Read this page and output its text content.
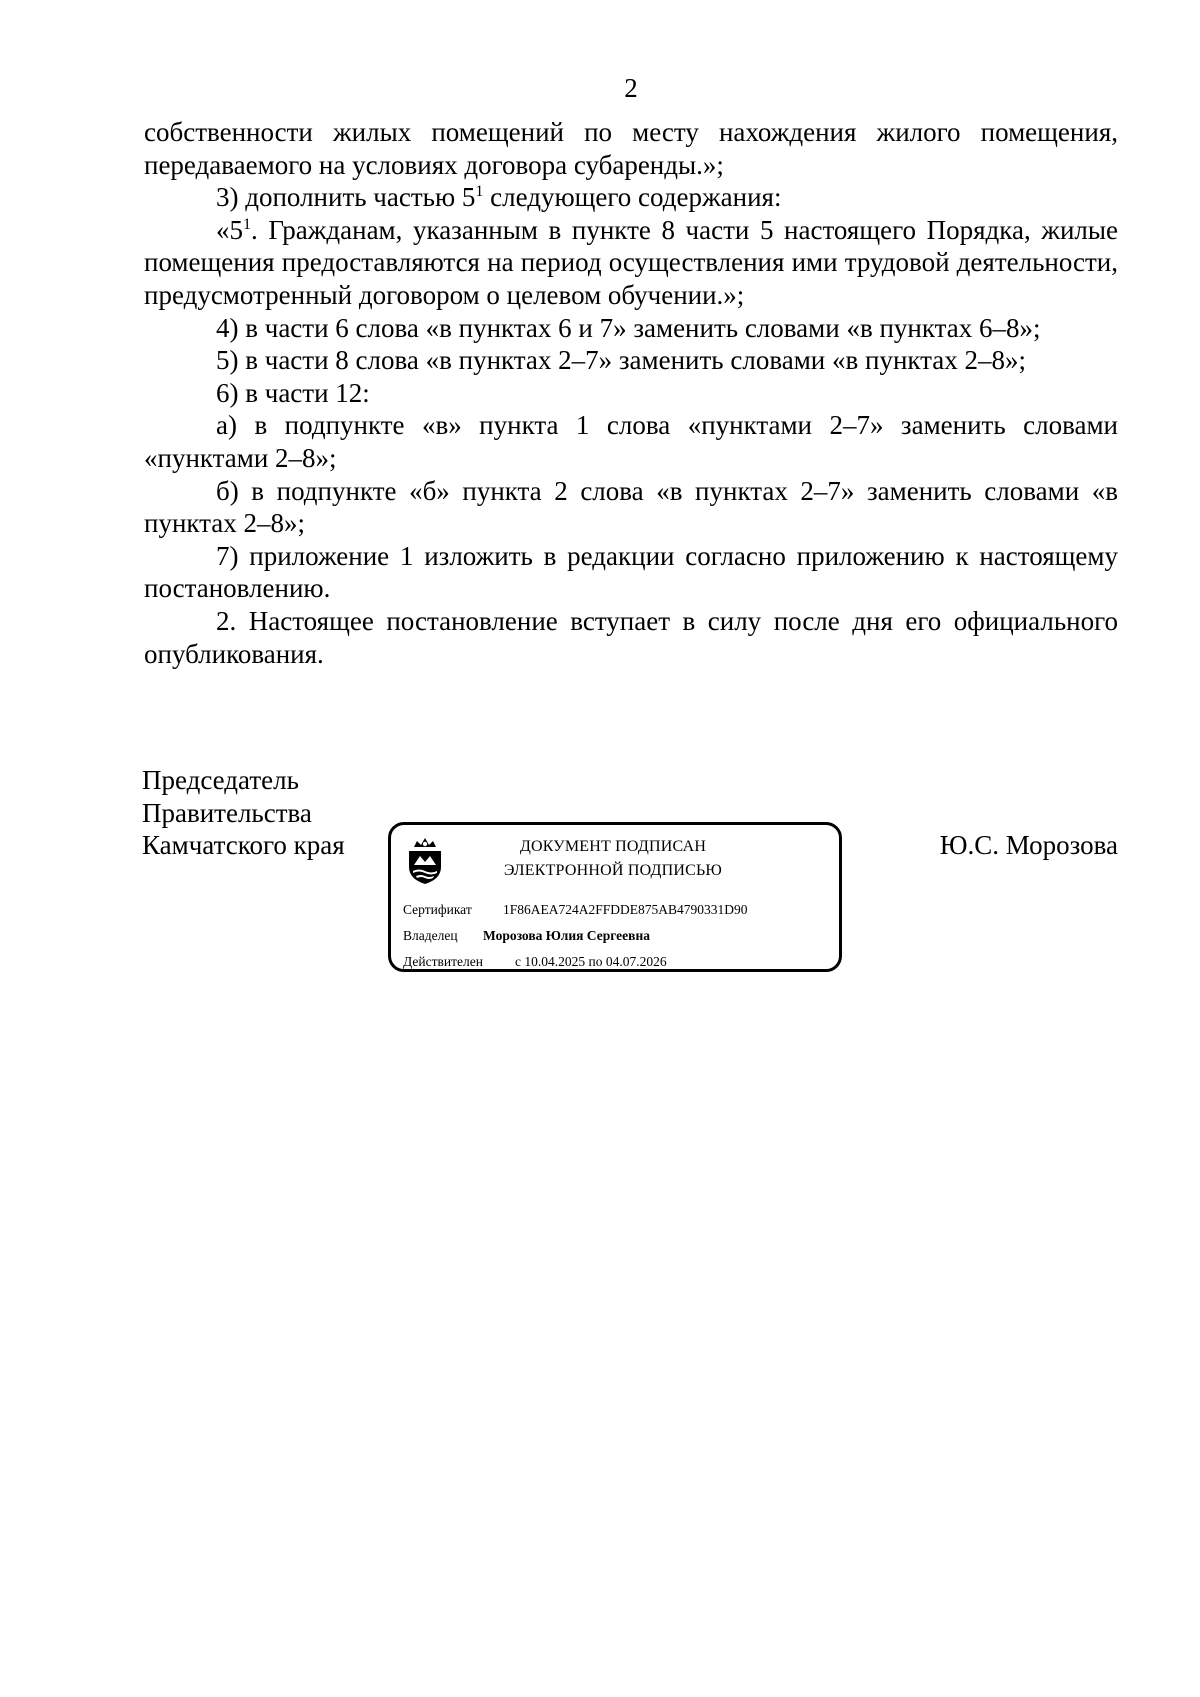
2

собственности жилых помещений по месту нахождения жилого помещения, передаваемого на условиях договора субаренды.»;

3) дополнить частью $5^1$ следующего содержания:

«$5^1$. Гражданам, указанным в пункте 8 части 5 настоящего Порядка, жилые помещения предоставляются на период осуществления ими трудовой деятельности, предусмотренный договором о целевом обучении.»;

4) в части 6 слова «в пунктах 6 и 7» заменить словами «в пунктах 6–8»;

5) в части 8 слова «в пунктах 2–7» заменить словами «в пунктах 2–8»;

6) в части 12:

а) в подпункте «в» пункта 1 слова «пунктами 2–7» заменить словами «пунктами 2–8»;

б) в подпункте «б» пункта 2 слова «в пунктах 2–7» заменить словами «в пунктах 2–8»;

7) приложение 1 изложить в редакции согласно приложению к настоящему постановлению.

2. Настоящее постановление вступает в силу после дня его официального опубликования.

Председатель
Правительства
Камчатского края	ДОКУМЕНТ ПОДПИСАН
ЭЛЕКТРОННОЙ ПОДПИСЬЮ
Сертификат 1F86AEA724A2FFDDE875AB4790331D90
Владелец Морозова Юлия Сергеевна
Действителен с 10.04.2025 по 04.07.2026
Ю.С. Морозова
